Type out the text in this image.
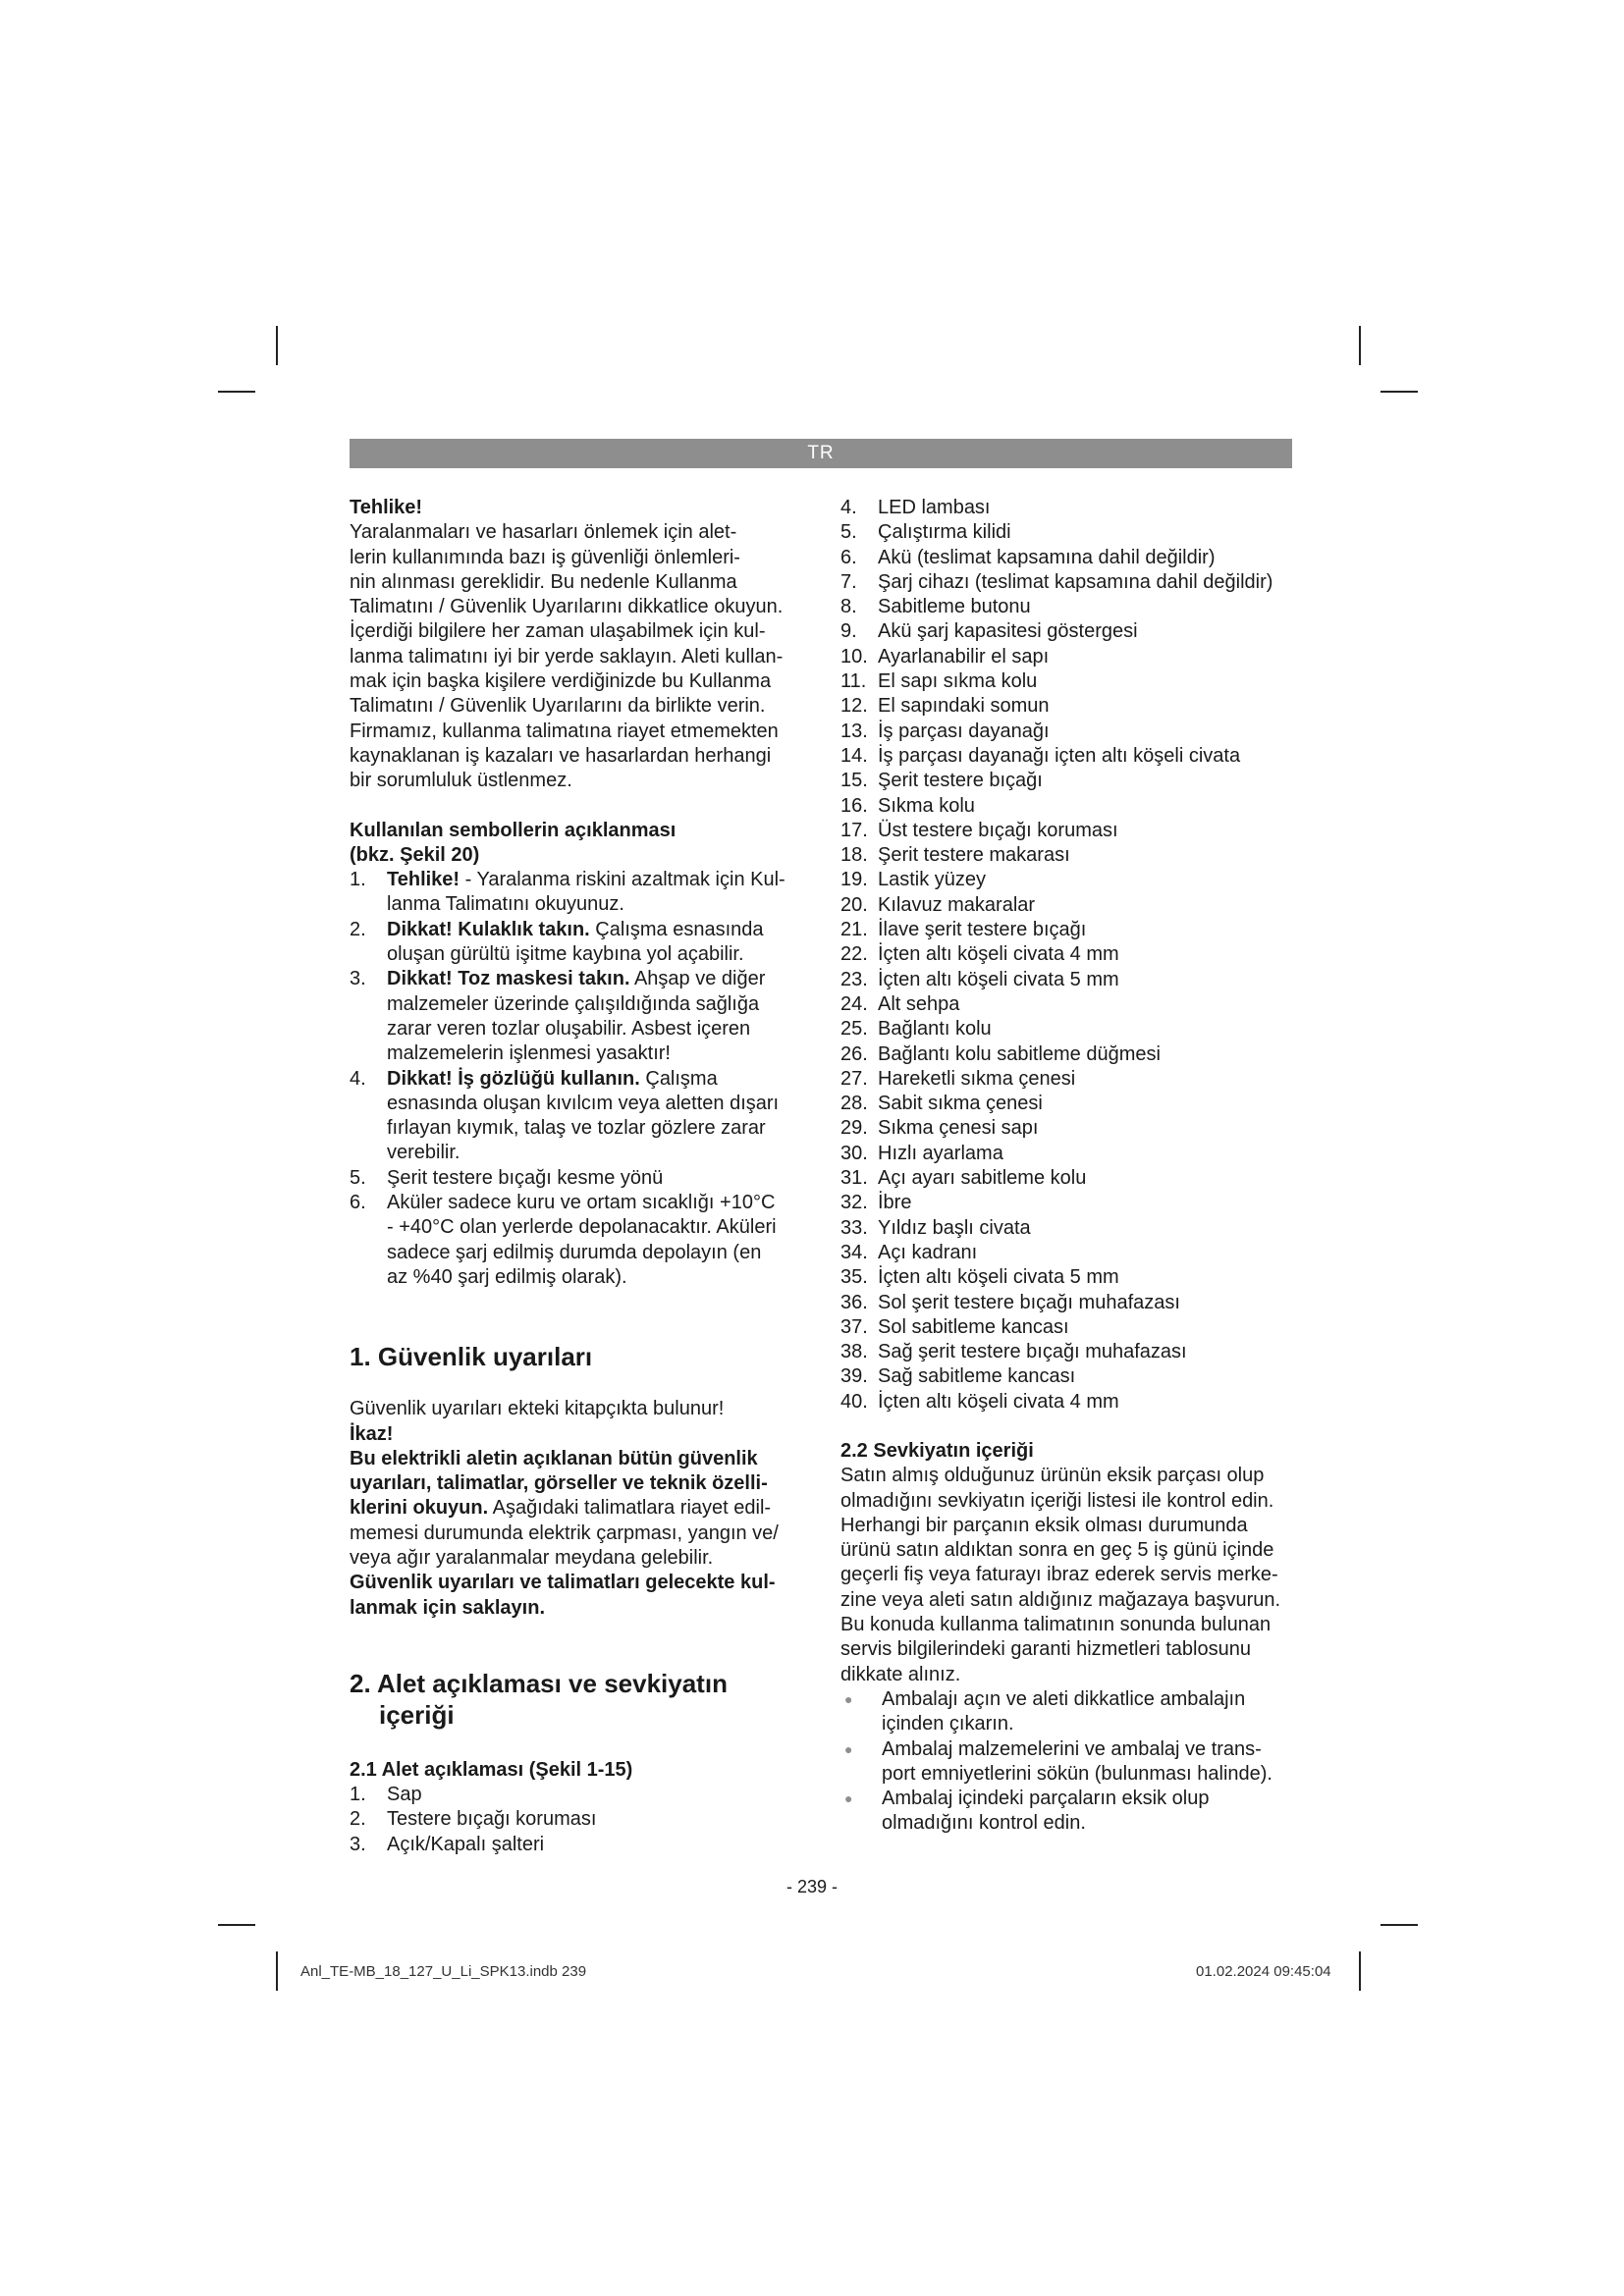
TR

Tehlike!

Yaralanmaları ve hasarları önlemek için alet-

lerin kullanımında bazı iş güvenliği önlemleri-

nin alınması gereklidir. Bu nedenle Kullanma

Talimatını / Güvenlik Uyarılarını dikkatlice okuyun.

İçerdiği bilgilere her zaman ulaşabilmek için kul-

lanma talimatını iyi bir yerde saklayın. Aleti kullan-

mak için başka kişilere verdiğinizde bu Kullanma

Talimatını / Güvenlik Uyarılarını da birlikte verin.

Firmamız, kullanma talimatına riayet etmemekten

kaynaklanan iş kazaları ve hasarlardan herhangi

bir sorumluluk üstlenmez.

Kullanılan sembollerin açıklanması

(bkz. Şekil 20)

1.	Tehlike! - Yaralanma riskini azaltmak için Kul-
lanma Talimatını okuyunuz.
2.	Dikkat! Kulaklık takın. Çalışma esnasında
oluşan gürültü işitme kaybına yol açabilir.
3.	Dikkat! Toz maskesi takın. Ahşap ve diğer
malzemeler üzerinde çalışıldığında sağlığa
zarar veren tozlar oluşabilir. Asbest içeren
malzemelerin işlenmesi yasaktır!
4.	Dikkat! İş gözlüğü kullanın. Çalışma
esnasında oluşan kıvılcım veya aletten dışarı
fırlayan kıymık, talaş ve tozlar gözlere zarar
verebilir.
5.	Şerit testere bıçağı kesme yönü
6.	Aküler sadece kuru ve ortam sıcaklığı +10°C
- +40°C olan yerlerde depolanacaktır. Aküleri
sadece şarj edilmiş durumda depolayın (en
az %40 şarj edilmiş olarak).
1. Güvenlik uyarıları

Güvenlik uyarıları ekteki kitapçıkta bulunur!

İkaz!

Bu elektrikli aletin açıklanan bütün güvenlik
uyarıları, talimatlar, görseller ve teknik özelli-
klerini okuyun. Aşağıdaki talimatlara riayet edil-
memesi durumunda elektrik çarpması, yangın ve/
veya ağır yaralanmalar meydana gelebilir.
Güvenlik uyarıları ve talimatları gelecekte kul-
lanmak için saklayın.

2. Alet açıklaması ve sevkiyatın
içeriği

2.1 Alet açıklaması (Şekil 1-15)

1.	Sap
2.	Testere bıçağı koruması
3.	Açık/Kapalı şalteri
4.	LED lambası
5.	Çalıştırma kilidi
6.	Akü (teslimat kapsamına dahil değildir)
7.	Şarj cihazı (teslimat kapsamına dahil değildir)
8.	Sabitleme butonu
9.	Akü şarj kapasitesi göstergesi
10. Ayarlanabilir el sapı
11. El sapı sıkma kolu
12. El sapındaki somun
13. İş parçası dayanağı
14. İş parçası dayanağı içten altı köşeli civata
15. Şerit testere bıçağı
16. Sıkma kolu
17. Üst testere bıçağı koruması
18. Şerit testere makarası
19. Lastik yüzey
20. Kılavuz makaralar
21. İlave şerit testere bıçağı
22. İçten altı köşeli civata 4 mm
23. İçten altı köşeli civata 5 mm
24. Alt sehpa
25. Bağlantı kolu
26. Bağlantı kolu sabitleme düğmesi
27. Hareketli sıkma çenesi
28. Sabit sıkma çenesi
29. Sıkma çenesi sapı
30. Hızlı ayarlama
31. Açı ayarı sabitleme kolu
32. İbre
33. Yıldız başlı civata
34. Açı kadranı
35. İçten altı köşeli civata 5 mm
36. Sol şerit testere bıçağı muhafazası
37. Sol sabitleme kancası
38. Sağ şerit testere bıçağı muhafazası
39. Sağ sabitleme kancası
40. İçten altı köşeli civata 4 mm

2.2 Sevkiyatın içeriği

Satın almış olduğunuz ürünün eksik parçası olup

olmadığını sevkiyatın içeriği listesi ile kontrol edin.

Herhangi bir parçanın eksik olması durumunda

ürünü satın aldıktan sonra en geç 5 iş günü içinde

geçerli fiş veya faturayı ibraz ederek servis merke-

zine veya aleti satın aldığınız mağazaya başvurun.

Bu konuda kullanma talimatının sonunda bulunan

servis bilgilerindeki garanti hizmetleri tablosunu

dikkate alınız.

●	Ambalajı açın ve aleti dikkatlice ambalajın
içinden çıkarın.
●	Ambalaj malzemelerini ve ambalaj ve trans-
port emniyetlerini sökün (bulunması halinde).
●	Ambalaj içindeki parçaların eksik olup
olmadığını kontrol edin.
- 239 -
Anl_TE-MB_18_127_U_Li_SPK13.indb 239	01.02.2024 09:45:04
